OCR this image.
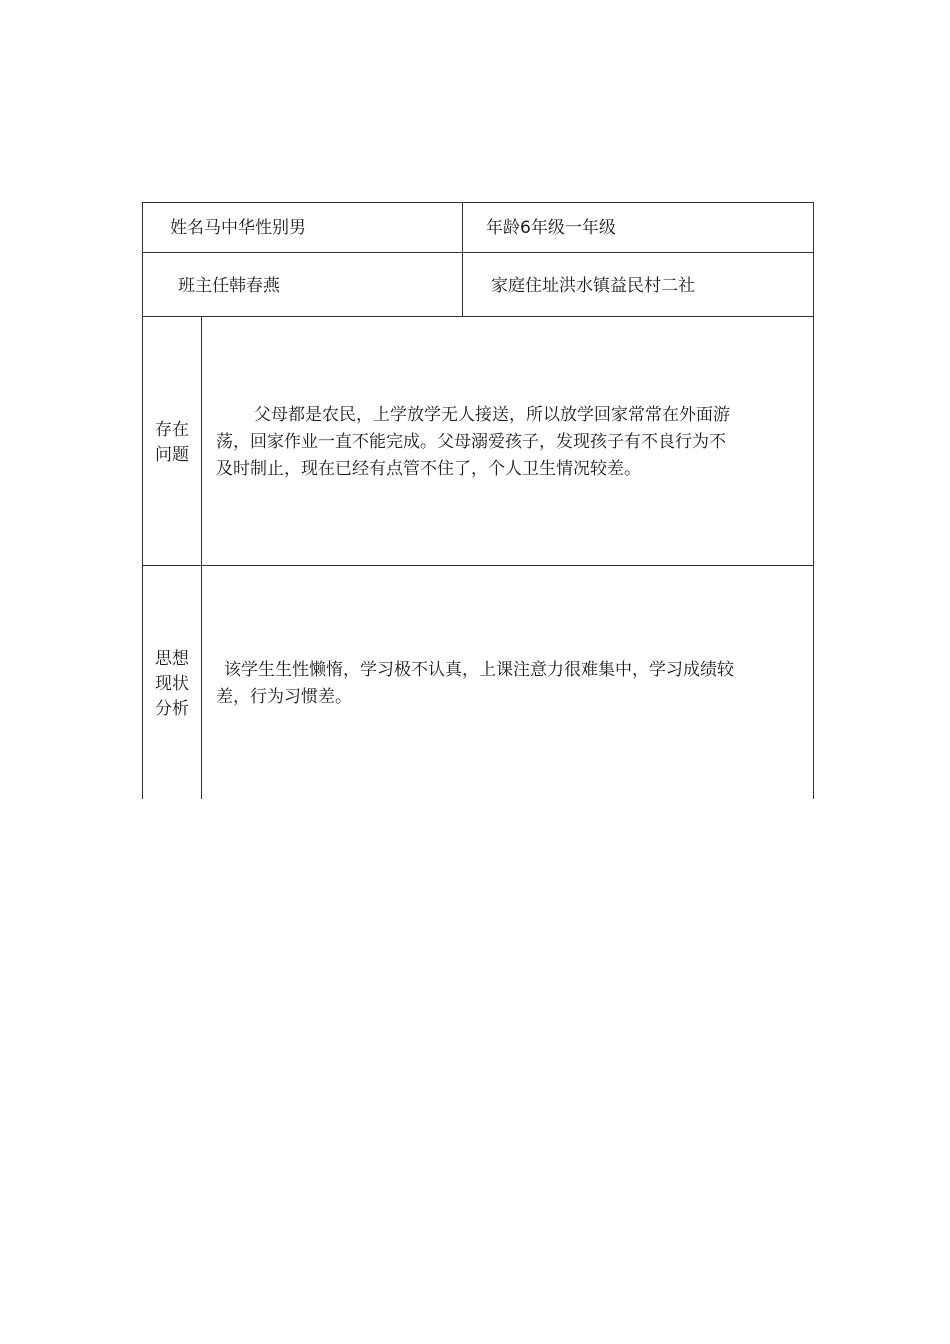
姓名马中华性别男	年龄6年级一年级
班主任韩春燕	家庭住址洪水镇益民村二社
存在
问题
父母都是农民，上学放学无人接送，所以放学回家常常在外面游
荡，回家作业一直不能完成。父母溺爱孩子，发现孩子有不良行为不
及时制止，现在已经有点管不住了，个人卫生情况较差。
思想
现状
分析
该学生生性懒惰，学习极不认真，上课注意力很难集中，学习成绩较
差，行为习惯差。
